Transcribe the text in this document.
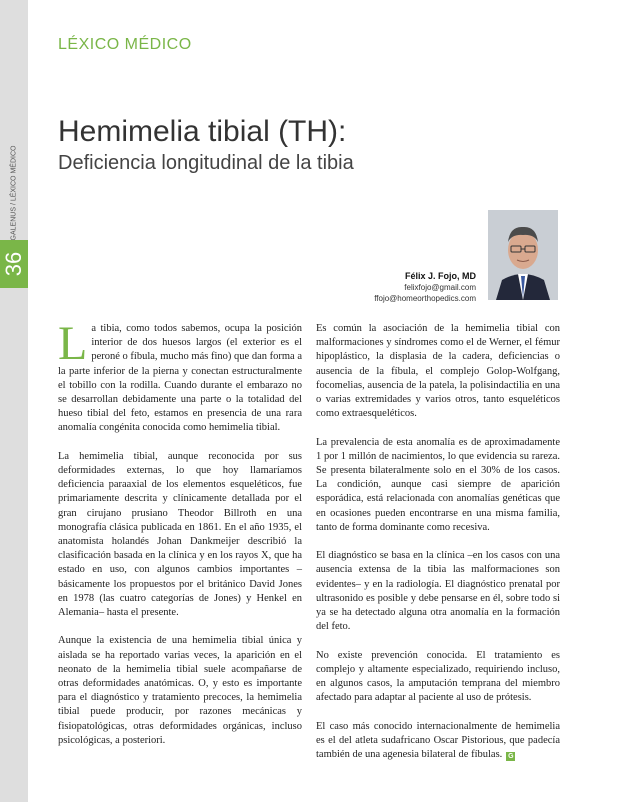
GALENUS / LÉXICO MÉDICO
36
LÉXICO MÉDICO
Hemimelia tibial (TH):
Deficiencia longitudinal de la tibia
Félix J. Fojo, MD
felixfojo@gmail.com
ffojo@homeorthopedics.com

La tibia, como todos sabemos, ocupa la posición interior de dos huesos largos (el exterior es el peroné o fíbula, mucho más fino) que dan forma a la parte inferior de la pierna y conectan estructuralmente el tobillo con la rodilla. Cuando durante el embarazo no se desarrollan debidamente una parte o la totalidad del hueso tibial del feto, estamos en presencia de una rara anomalía congénita conocida como hemimelia tibial.

La hemimelia tibial, aunque reconocida por sus deformidades externas, lo que hoy llamaríamos deficiencia paraaxial de los elementos esqueléticos, fue primariamente descrita y clínicamente detallada por el gran cirujano prusiano Theodor Billroth en una monografía clásica publicada en 1861. En el año 1935, el anatomista holandés Johan Dankmeijer describió la clasificación basada en la clínica y en los rayos X, que ha estado en uso, con algunos cambios importantes – básicamente los propuestos por el británico David Jones en 1978 (las cuatro categorías de Jones) y Henkel en Alemania– hasta el presente.

Aunque la existencia de una hemimelia tibial única y aislada se ha reportado varias veces, la aparición en el neonato de la hemimelia tibial suele acompañarse de otras deformidades anatómicas. O, y esto es importante para el diagnóstico y tratamiento precoces, la hemimelia tibial puede producir, por razones mecánicas y fisiopatológicas, otras deformidades orgánicas, incluso psicológicas, a posteriori.

Es común la asociación de la hemimelia tibial con malformaciones y síndromes como el de Werner, el fémur hipoplástico, la displasia de la cadera, deficiencias o ausencia de la fíbula, el complejo Golop-Wolfgang, focomelias, ausencia de la patela, la polisindactilia en una o varias extremidades y varios otros, tanto esqueléticos como extraesqueléticos.

La prevalencia de esta anomalía es de aproximadamente 1 por 1 millón de nacimientos, lo que evidencia su rareza. Se presenta bilateralmente solo en el 30% de los casos. La condición, aunque casi siempre de aparición esporádica, está relacionada con anomalías genéticas que en ocasiones pueden encontrarse en una misma familia, tanto de forma dominante como recesiva.

El diagnóstico se basa en la clínica –en los casos con una ausencia extensa de la tibia las malformaciones son evidentes– y en la radiología. El diagnóstico prenatal por ultrasonido es posible y debe pensarse en él, sobre todo si ya se ha detectado alguna otra anomalía en la formación del feto.

No existe prevención conocida. El tratamiento es complejo y altamente especializado, requiriendo incluso, en algunos casos, la amputación temprana del miembro afectado para adaptar al paciente al uso de prótesis.

El caso más conocido internacionalmente de hemimelia es el del atleta sudafricano Oscar Pistorious, que padecía también de una agenesia bilateral de fíbulas. G
